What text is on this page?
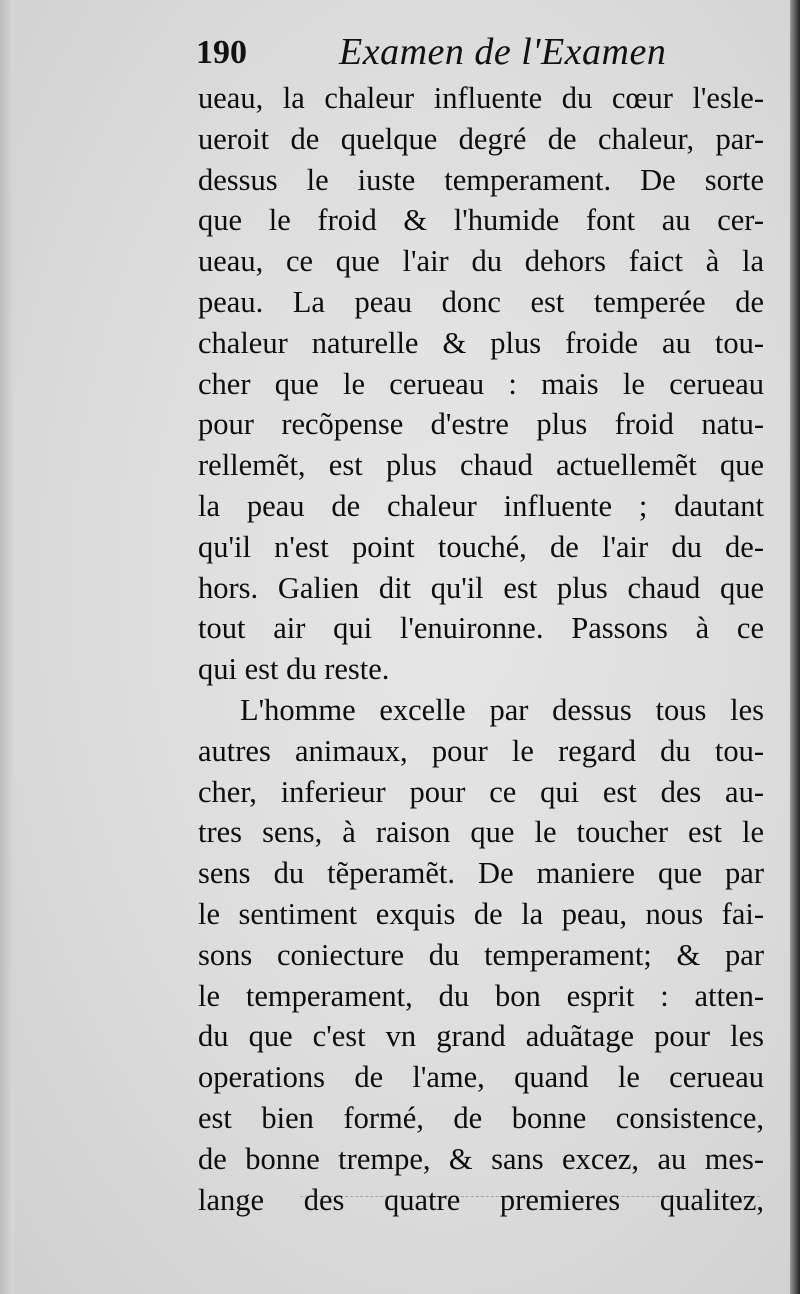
190 Examen de l'Examen
ueau, la chaleur influente du cœur l'esle-
ueroit de quelque degré de chaleur, par-
dessus le iuste temperament. De sorte
que le froid & l'humide font au cer-
ueau, ce que l'air du dehors faict à la
peau. La peau donc est temperée de
chaleur naturelle & plus froide au tou-
cher que le cerueau : mais le cerueau
pour recõpense d'estre plus froid natu-
rellemẽt, est plus chaud actuellemẽt que
la peau de chaleur influente ; dautant
qu'il n'est point touché, de l'air du de-
hors. Galien dit qu'il est plus chaud que
tout air qui l'enuironne. Passons à ce
qui est du reste.
L'homme excelle par dessus tous les
autres animaux, pour le regard du tou-
cher, inferieur pour ce qui est des au-
tres sens, à raison que le toucher est le
sens du tẽperamẽt. De maniere que par
le sentiment exquis de la peau, nous fai-
sons coniecture du temperament; & par
le temperament, du bon esprit : atten-
du que c'est vn grand aduãtage pour les
operations de l'ame, quand le cerueau
est bien formé, de bonne consistence,
de bonne trempe, & sans excez, au mes-
lange des quatre premieres qualitez,
